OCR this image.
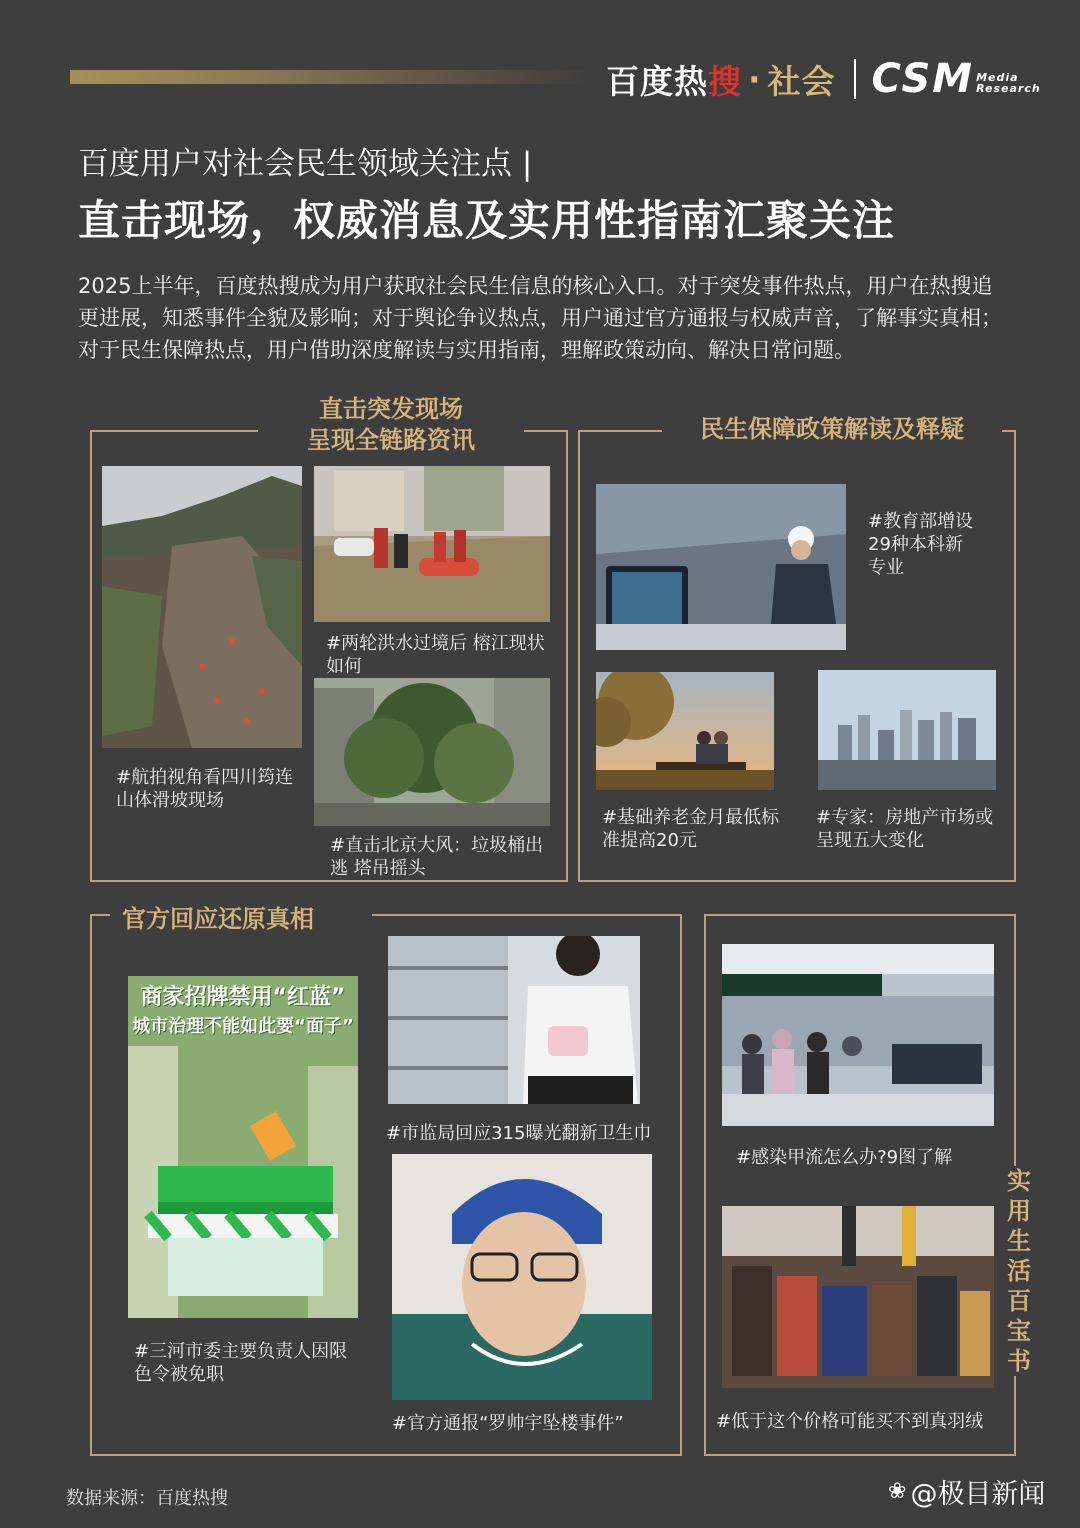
百度热 搜 · 社会 CSM Media
Research
百度用户对社会民生领域关注点 |
直击现场，权威消息及实用性指南汇聚关注
2025上半年，百度热搜成为用户获取社会民生信息的核心入口。对于突发事件热点，用户在热搜追更进展，知悉事件全貌及影响；对于舆论争议热点，用户通过官方通报与权威声音，了解事实真相；对于民生保障热点，用户借助深度解读与实用指南，理解政策动向、解决日常问题。
直击突发现场
呈现全链路资讯
#航拍视角看四川筠连山体滑坡现场
#两轮洪水过境后 榕江现状如何
#直击北京大风：垃圾桶出逃 塔吊摇头
民生保障政策解读及释疑
#教育部增设29种本科新专业
#基础养老金月最低标准提高20元
#专家：房地产市场或呈现五大变化
官方回应还原真相
商家招牌禁用“红蓝”
城市治理不能如此要“面子”
#三河市委主要负责人因限色令被免职
#市监局回应315曝光翻新卫生巾
#官方通报“罗帅宇坠楼事件”
实
用
生
活
百
宝
书
#感染甲流怎么办?9图了解
#低于这个价格可能买不到真羽绒
数据来源：百度热搜	❀ @极目新闻
